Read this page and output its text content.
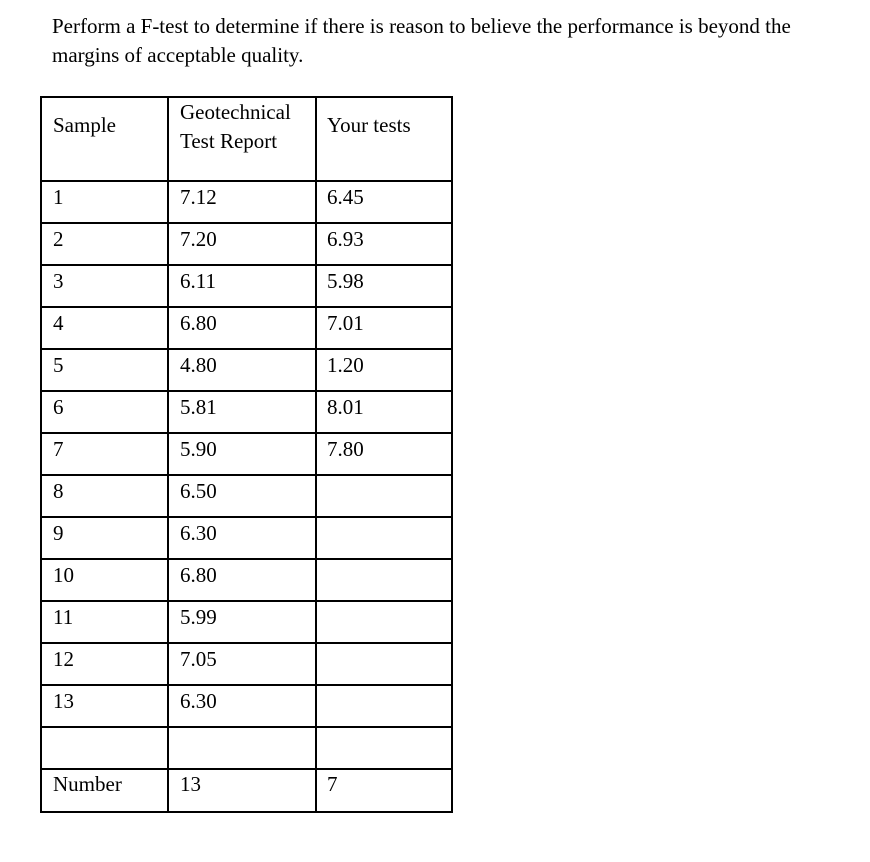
Perform a F-test to determine if there is reason to believe the performance is beyond the margins of acceptable quality.

Sample	Geotechnical Test Report	Your tests
1	7.12	6.45
2	7.20	6.93
3	6.11	5.98
4	6.80	7.01
5	4.80	1.20
6	5.81	8.01
7	5.90	7.80
8	6.50	
9	6.30	
10	6.80	
11	5.99	
12	7.05	
13	6.30	

Number	13	7
